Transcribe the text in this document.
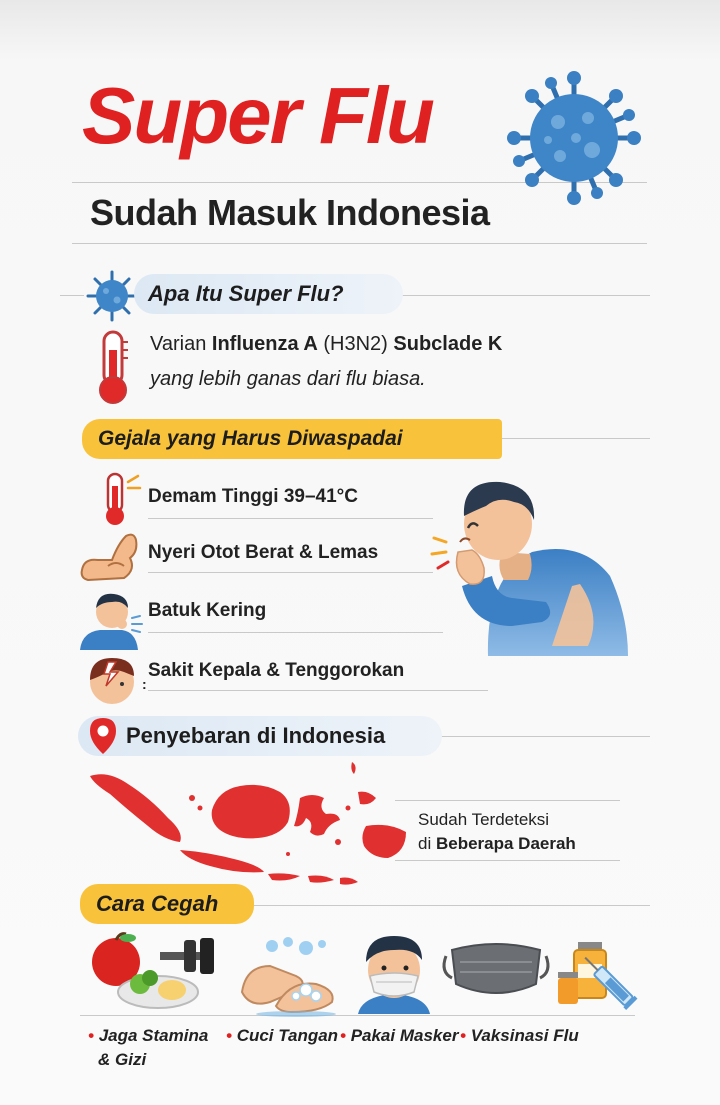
Super Flu
Sudah Masuk Indonesia
Apa Itu Super Flu?
Varian Influenza A (H3N2) Subclade K
yang lebih ganas dari flu biasa.
Gejala yang Harus Diwaspadai
Demam Tinggi 39–41°C
Nyeri Otot Berat & Lemas
Batuk Kering
:
Sakit Kepala & Tenggorokan
Penyebaran di Indonesia
Sudah Terdeteksi
di Beberapa Daerah
Cara Cegah
• Jaga Stamina
& Gizi
• Cuci Tangan • Pakai Masker • Vaksinasi Flu
